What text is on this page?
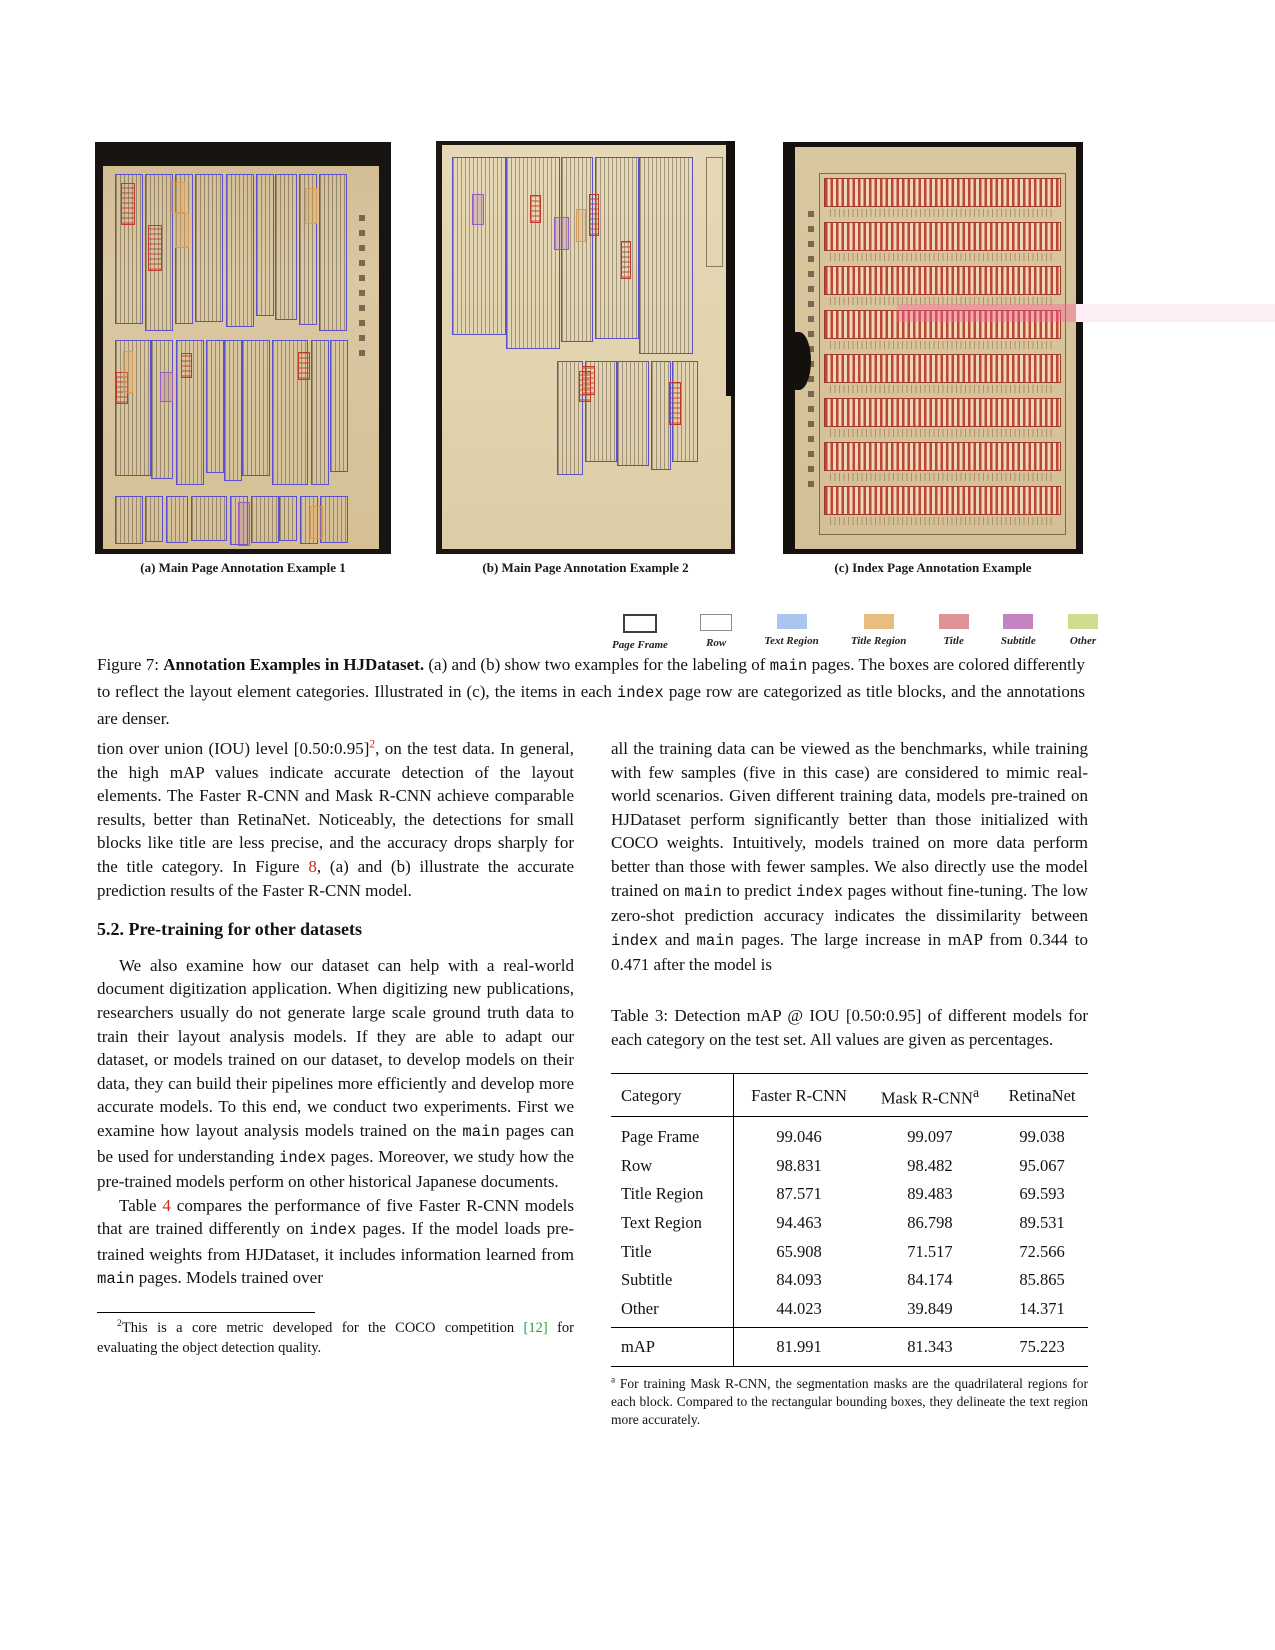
(a) Main Page Annotation Example 1	(b) Main Page Annotation Example 2	(c) Index Page Annotation Example
Page Frame	Row	Text Region	Title Region	Title	Subtitle	Other
Figure 7: Annotation Examples in HJDataset. (a) and (b) show two examples for the labeling of main pages. The boxes are colored differently to reflect the layout element categories. Illustrated in (c), the items in each index page row are categorized as title blocks, and the annotations are denser.

tion over union (IOU) level [0.50:0.95]$^2$, on the test data. In general, the high mAP values indicate accurate detection of the layout elements. The Faster R-CNN and Mask R-CNN achieve comparable results, better than RetinaNet. Noticeably, the detections for small blocks like title are less precise, and the accuracy drops sharply for the title category. In Figure 8, (a) and (b) illustrate the accurate prediction results of the Faster R-CNN model.

5.2. Pre-training for other datasets

We also examine how our dataset can help with a real-world document digitization application. When digitizing new publications, researchers usually do not generate large scale ground truth data to train their layout analysis models. If they are able to adapt our dataset, or models trained on our dataset, to develop models on their data, they can build their pipelines more efficiently and develop more accurate models. To this end, we conduct two experiments. First we examine how layout analysis models trained on the main pages can be used for understanding index pages. Moreover, we study how the pre-trained models perform on other historical Japanese documents.

Table 4 compares the performance of five Faster R-CNN models that are trained differently on index pages. If the model loads pre-trained weights from HJDataset, it includes information learned from main pages. Models trained over

$^2$This is a core metric developed for the COCO competition [12] for evaluating the object detection quality.

all the training data can be viewed as the benchmarks, while training with few samples (five in this case) are considered to mimic real-world scenarios. Given different training data, models pre-trained on HJDataset perform significantly better than those initialized with COCO weights. Intuitively, models trained on more data perform better than those with fewer samples. We also directly use the model trained on main to predict index pages without fine-tuning. The low zero-shot prediction accuracy indicates the dissimilarity between index and main pages. The large increase in mAP from 0.344 to 0.471 after the model is

Table 3: Detection mAP @ IOU [0.50:0.95] of different models for each category on the test set. All values are given as percentages.

Category	Faster R-CNN	Mask R-CNN$^a$	RetinaNet
Page Frame	99.046	99.097	99.038
Row	98.831	98.482	95.067
Title Region	87.571	89.483	69.593
Text Region	94.463	86.798	89.531
Title	65.908	71.517	72.566
Subtitle	84.093	84.174	85.865
Other	44.023	39.849	14.371
mAP	81.991	81.343	75.223
$^a$ For training Mask R-CNN, the segmentation masks are the quadrilateral regions for each block. Compared to the rectangular bounding boxes, they delineate the text region more accurately.
